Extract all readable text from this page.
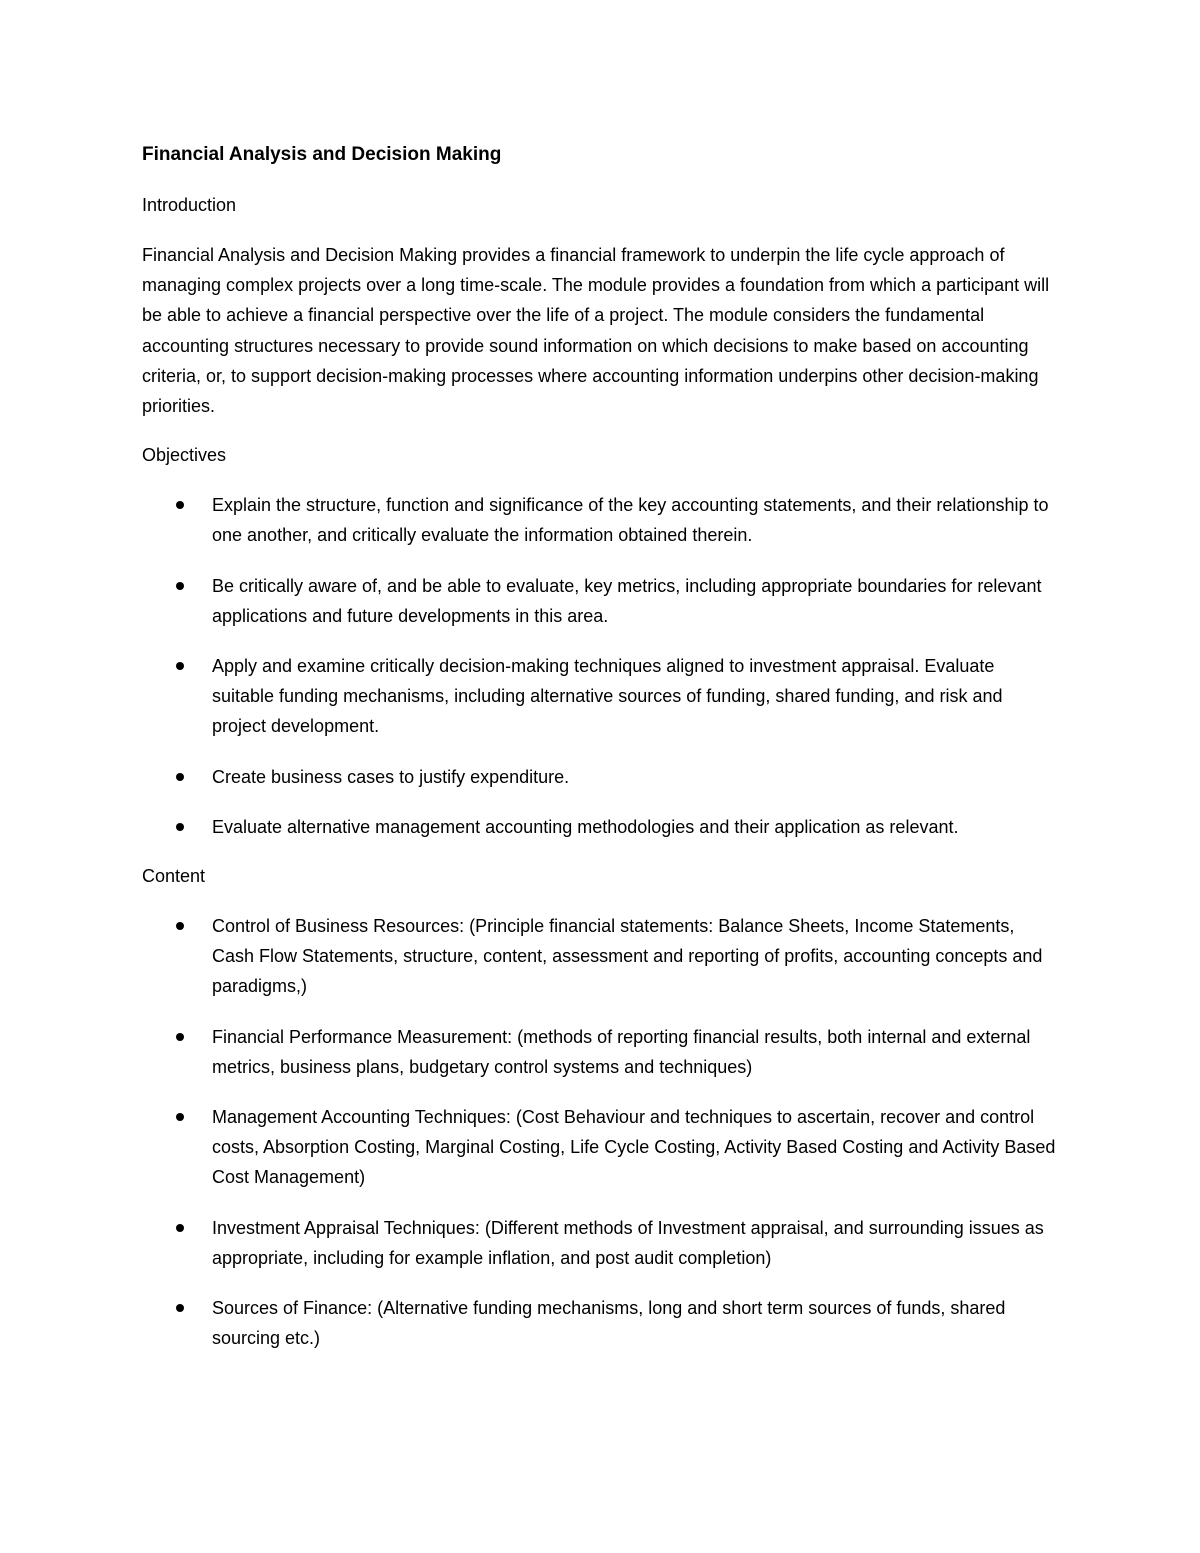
Financial Analysis and Decision Making
Introduction
Financial Analysis and Decision Making provides a financial framework to underpin the life cycle approach of managing complex projects over a long time-scale. The module provides a foundation from which a participant will be able to achieve a financial perspective over the life of a project. The module considers the fundamental accounting structures necessary to provide sound information on which decisions to make based on accounting criteria, or, to support decision-making processes where accounting information underpins other decision-making priorities.
Objectives
Explain the structure, function and significance of the key accounting statements, and their relationship to one another, and critically evaluate the information obtained therein.
Be critically aware of, and be able to evaluate, key metrics, including appropriate boundaries for relevant applications and future developments in this area.
Apply and examine critically decision-making techniques aligned to investment appraisal. Evaluate suitable funding mechanisms, including alternative sources of funding, shared funding, and risk and project development.
Create business cases to justify expenditure.
Evaluate alternative management accounting methodologies and their application as relevant.
Content
Control of Business Resources: (Principle financial statements: Balance Sheets, Income Statements, Cash Flow Statements, structure, content, assessment and reporting of profits, accounting concepts and paradigms,)
Financial Performance Measurement: (methods of reporting financial results, both internal and external metrics, business plans, budgetary control systems and techniques)
Management Accounting Techniques: (Cost Behaviour and techniques to ascertain, recover and control costs, Absorption Costing, Marginal Costing, Life Cycle Costing, Activity Based Costing and Activity Based Cost Management)
Investment Appraisal Techniques: (Different methods of Investment appraisal, and surrounding issues as appropriate, including for example inflation, and post audit completion)
Sources of Finance: (Alternative funding mechanisms, long and short term sources of funds, shared sourcing etc.)
